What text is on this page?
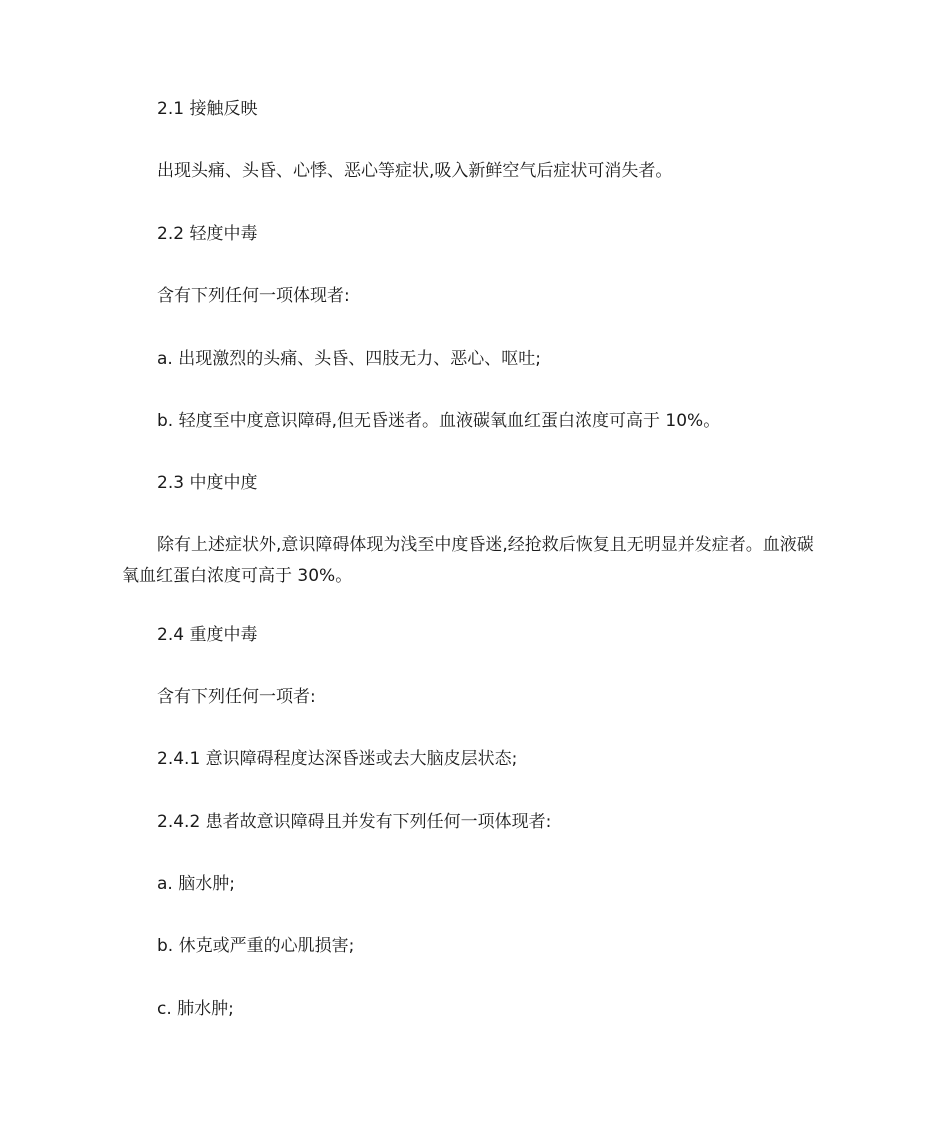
2.1 接触反映
出现头痛、头昏、心悸、恶心等症状,吸入新鲜空气后症状可消失者。
2.2 轻度中毒
含有下列任何一项体现者:
a. 出现激烈的头痛、头昏、四肢无力、恶心、呕吐;
b. 轻度至中度意识障碍,但无昏迷者。血液碳氧血红蛋白浓度可高于 10%。
2.3 中度中度
除有上述症状外,意识障碍体现为浅至中度昏迷,经抢救后恢复且无明显并发症者。血液碳氧血红蛋白浓度可高于 30%。
2.4 重度中毒
含有下列任何一项者:
2.4.1 意识障碍程度达深昏迷或去大脑皮层状态;
2.4.2 患者故意识障碍且并发有下列任何一项体现者:
a. 脑水肿;
b. 休克或严重的心肌损害;
c. 肺水肿;
